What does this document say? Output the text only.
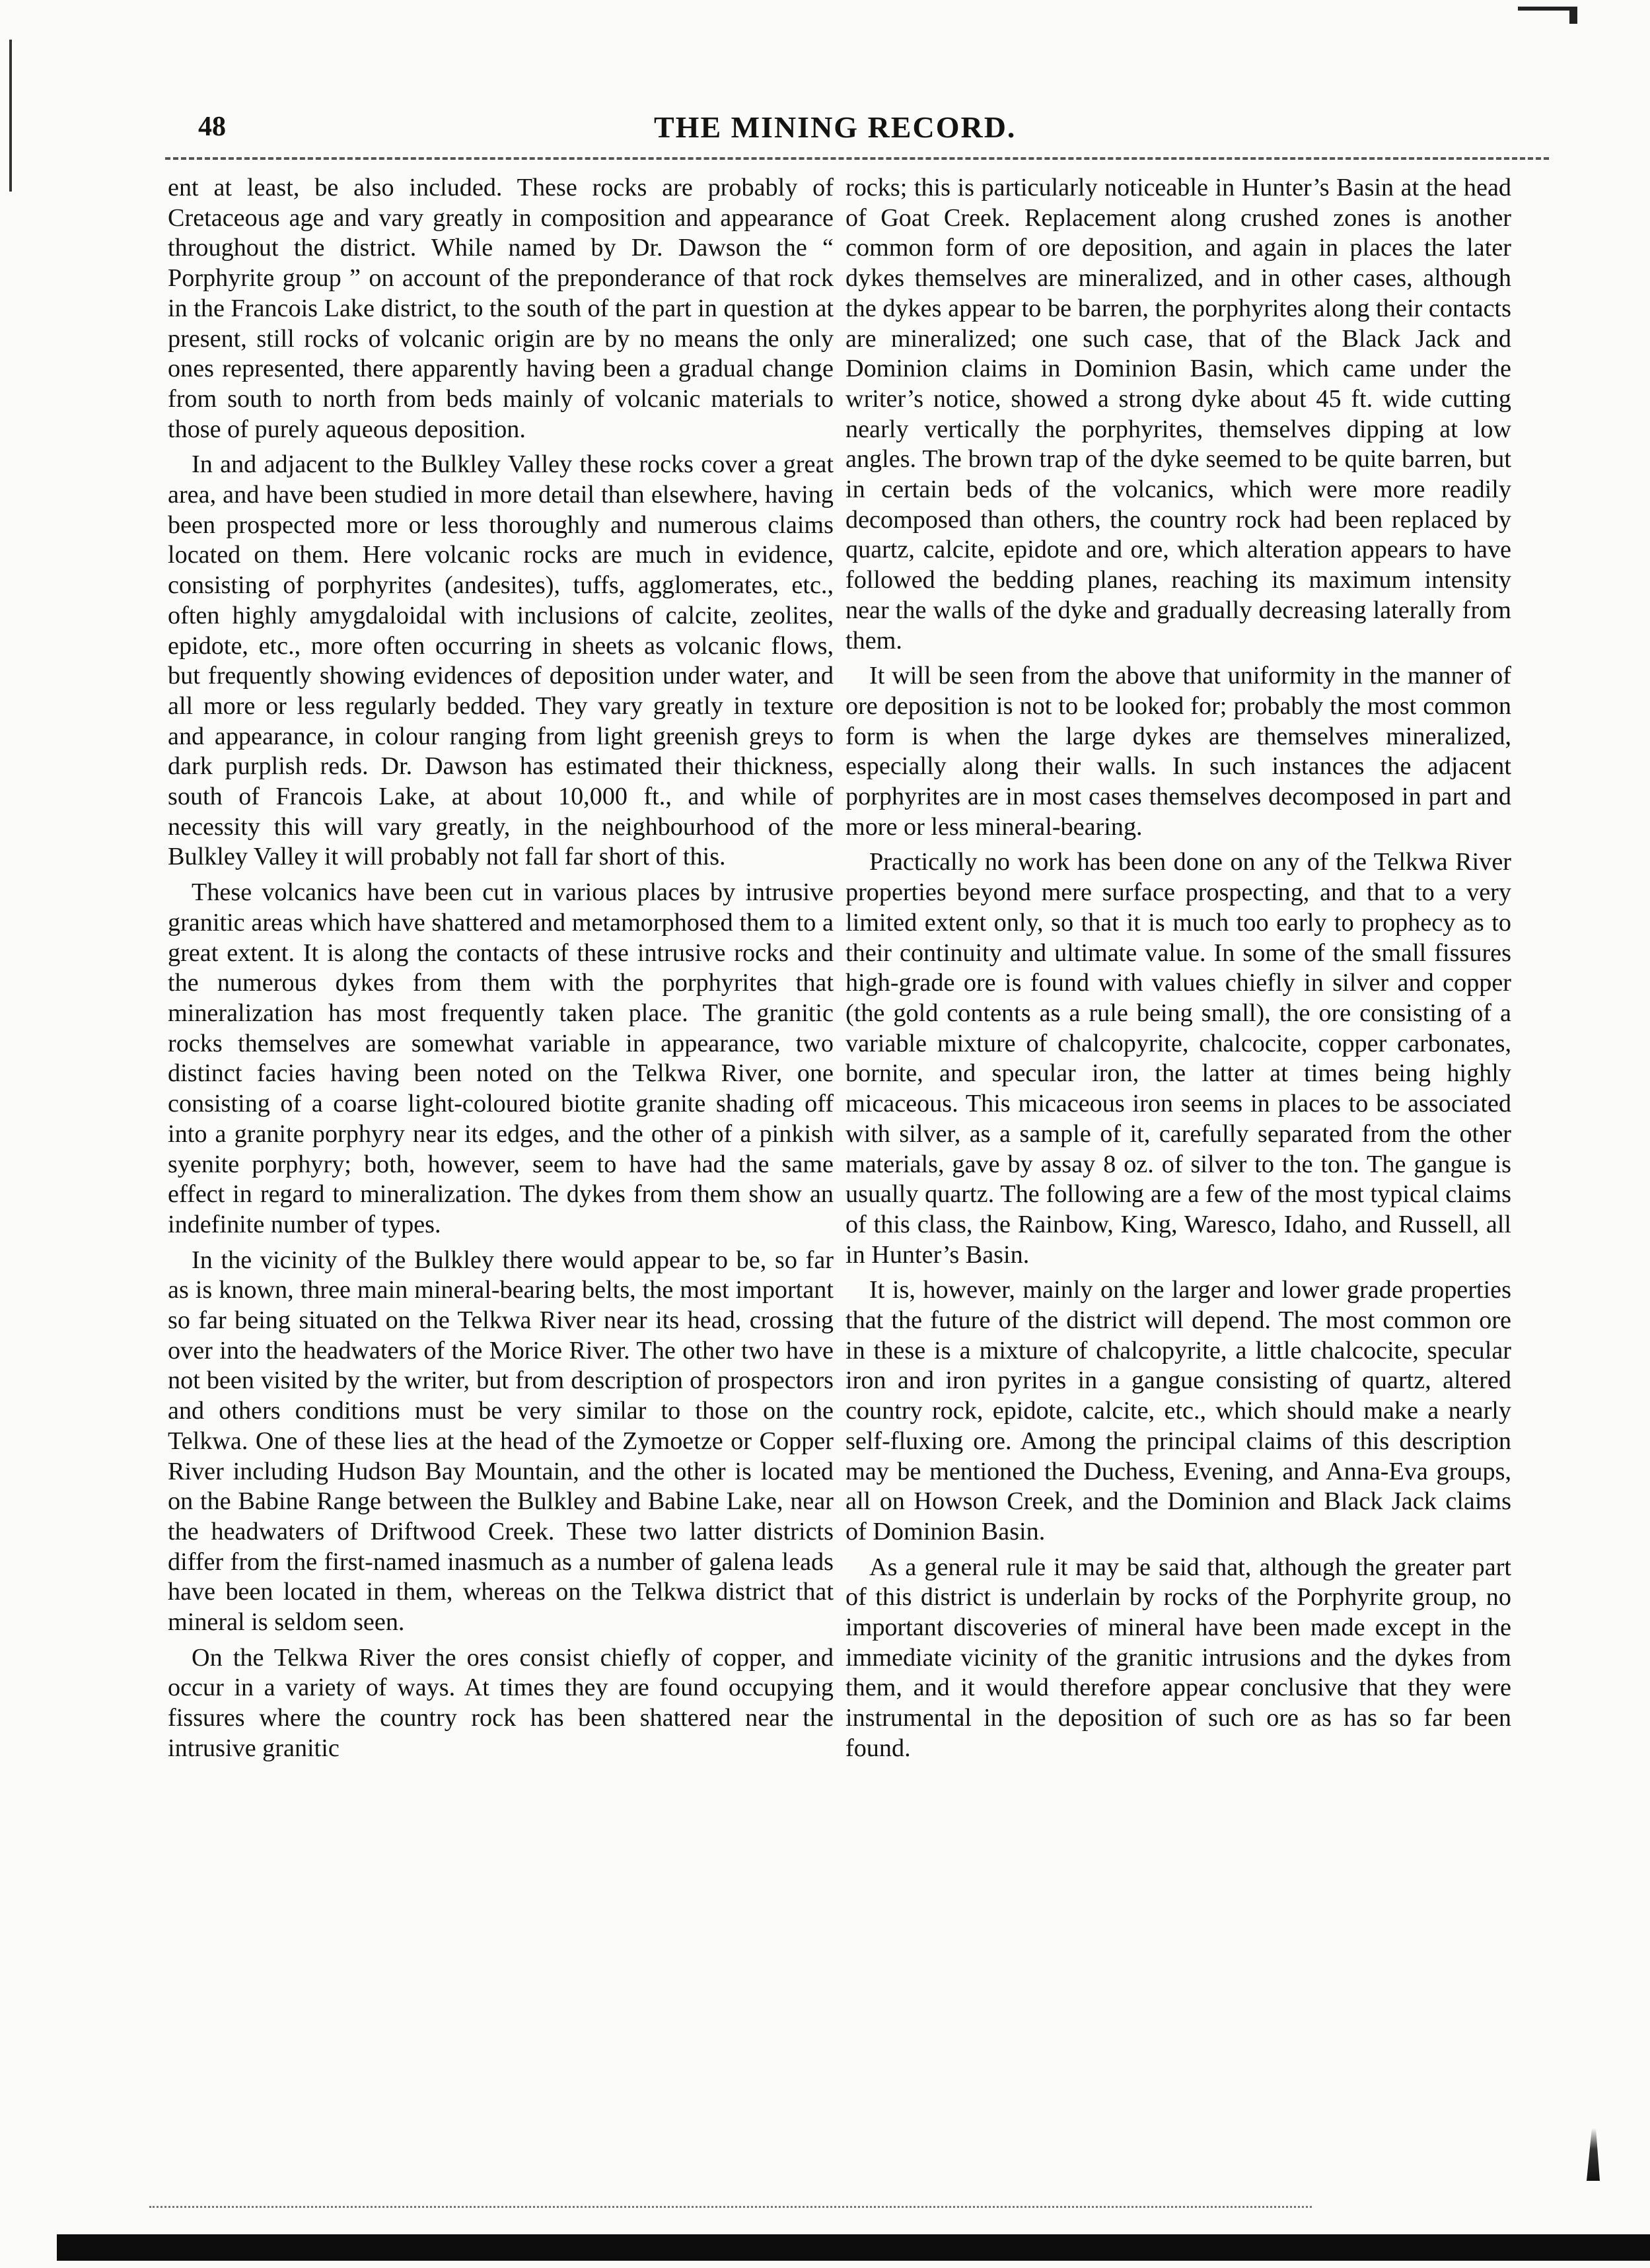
48	THE MINING RECORD.

ent at least, be also included. These rocks are probably of Cretaceous age and vary greatly in composition and appearance throughout the district. While named by Dr. Dawson the “ Porphyrite group ” on account of the preponderance of that rock in the Francois Lake district, to the south of the part in question at present, still rocks of volcanic origin are by no means the only ones represented, there apparently having been a gradual change from south to north from beds mainly of volcanic materials to those of purely aqueous deposition.

In and adjacent to the Bulkley Valley these rocks cover a great area, and have been studied in more detail than elsewhere, having been prospected more or less thoroughly and numerous claims located on them. Here volcanic rocks are much in evidence, consisting of porphyrites (andesites), tuffs, agglomerates, etc., often highly amygdaloidal with inclusions of calcite, zeolites, epidote, etc., more often occurring in sheets as volcanic flows, but frequently showing evidences of deposition under water, and all more or less regularly bedded. They vary greatly in texture and appearance, in colour ranging from light greenish greys to dark purplish reds. Dr. Dawson has estimated their thickness, south of Francois Lake, at about 10,000 ft., and while of necessity this will vary greatly, in the neighbourhood of the Bulkley Valley it will probably not fall far short of this.

These volcanics have been cut in various places by intrusive granitic areas which have shattered and metamorphosed them to a great extent. It is along the contacts of these intrusive rocks and the numerous dykes from them with the porphyrites that mineralization has most frequently taken place. The granitic rocks themselves are somewhat variable in appearance, two distinct facies having been noted on the Telkwa River, one consisting of a coarse light-coloured biotite granite shading off into a granite porphyry near its edges, and the other of a pinkish syenite porphyry; both, however, seem to have had the same effect in regard to mineralization. The dykes from them show an indefinite number of types.

In the vicinity of the Bulkley there would appear to be, so far as is known, three main mineral-bearing belts, the most important so far being situated on the Telkwa River near its head, crossing over into the headwaters of the Morice River. The other two have not been visited by the writer, but from description of prospectors and others conditions must be very similar to those on the Telkwa. One of these lies at the head of the Zymoetze or Copper River including Hudson Bay Mountain, and the other is located on the Babine Range between the Bulkley and Babine Lake, near the headwaters of Driftwood Creek. These two latter districts differ from the first-named inasmuch as a number of galena leads have been located in them, whereas on the Telkwa district that mineral is seldom seen.

On the Telkwa River the ores consist chiefly of copper, and occur in a variety of ways. At times they are found occupying fissures where the country rock has been shattered near the intrusive granitic

rocks; this is particularly noticeable in Hunter’s Basin at the head of Goat Creek. Replacement along crushed zones is another common form of ore deposition, and again in places the later dykes themselves are mineralized, and in other cases, although the dykes appear to be barren, the porphyrites along their contacts are mineralized; one such case, that of the Black Jack and Dominion claims in Dominion Basin, which came under the writer’s notice, showed a strong dyke about 45 ft. wide cutting nearly vertically the porphyrites, themselves dipping at low angles. The brown trap of the dyke seemed to be quite barren, but in certain beds of the volcanics, which were more readily decomposed than others, the country rock had been replaced by quartz, calcite, epidote and ore, which alteration appears to have followed the bedding planes, reaching its maximum intensity near the walls of the dyke and gradually decreasing laterally from them.

It will be seen from the above that uniformity in the manner of ore deposition is not to be looked for; probably the most common form is when the large dykes are themselves mineralized, especially along their walls. In such instances the adjacent porphyrites are in most cases themselves decomposed in part and more or less mineral-bearing.

Practically no work has been done on any of the Telkwa River properties beyond mere surface prospecting, and that to a very limited extent only, so that it is much too early to prophecy as to their continuity and ultimate value. In some of the small fissures high-grade ore is found with values chiefly in silver and copper (the gold contents as a rule being small), the ore consisting of a variable mixture of chalcopyrite, chalcocite, copper carbonates, bornite, and specular iron, the latter at times being highly micaceous. This micaceous iron seems in places to be associated with silver, as a sample of it, carefully separated from the other materials, gave by assay 8 oz. of silver to the ton. The gangue is usually quartz. The following are a few of the most typical claims of this class, the Rainbow, King, Waresco, Idaho, and Russell, all in Hunter’s Basin.

It is, however, mainly on the larger and lower grade properties that the future of the district will depend. The most common ore in these is a mixture of chalcopyrite, a little chalcocite, specular iron and iron pyrites in a gangue consisting of quartz, altered country rock, epidote, calcite, etc., which should make a nearly self-fluxing ore. Among the principal claims of this description may be mentioned the Duchess, Evening, and Anna-Eva groups, all on Howson Creek, and the Dominion and Black Jack claims of Dominion Basin.

As a general rule it may be said that, although the greater part of this district is underlain by rocks of the Porphyrite group, no important discoveries of mineral have been made except in the immediate vicinity of the granitic intrusions and the dykes from them, and it would therefore appear conclusive that they were instrumental in the deposition of such ore as has so far been found.
